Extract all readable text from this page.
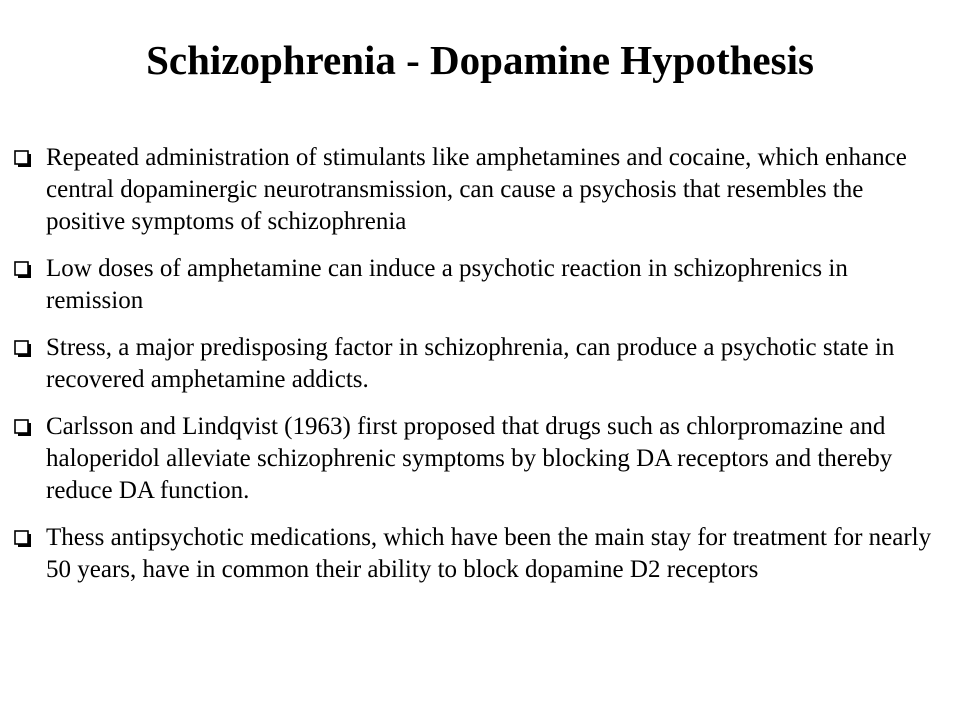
Schizophrenia - Dopamine Hypothesis
Repeated administration of stimulants like amphetamines and cocaine, which enhance central dopaminergic neurotransmission, can cause a psychosis that resembles the positive symptoms of schizophrenia
Low doses of amphetamine can induce a psychotic reaction in schizophrenics in remission
Stress, a major predisposing factor in schizophrenia, can produce a psychotic state in recovered amphetamine addicts.
Carlsson and Lindqvist (1963) first proposed that drugs such as chlorpromazine and haloperidol alleviate schizophrenic symptoms by blocking DA receptors and thereby reduce DA function.
Thess antipsychotic medications, which have been the main stay for treatment for nearly 50 years, have in common their ability to block dopamine D2 receptors
